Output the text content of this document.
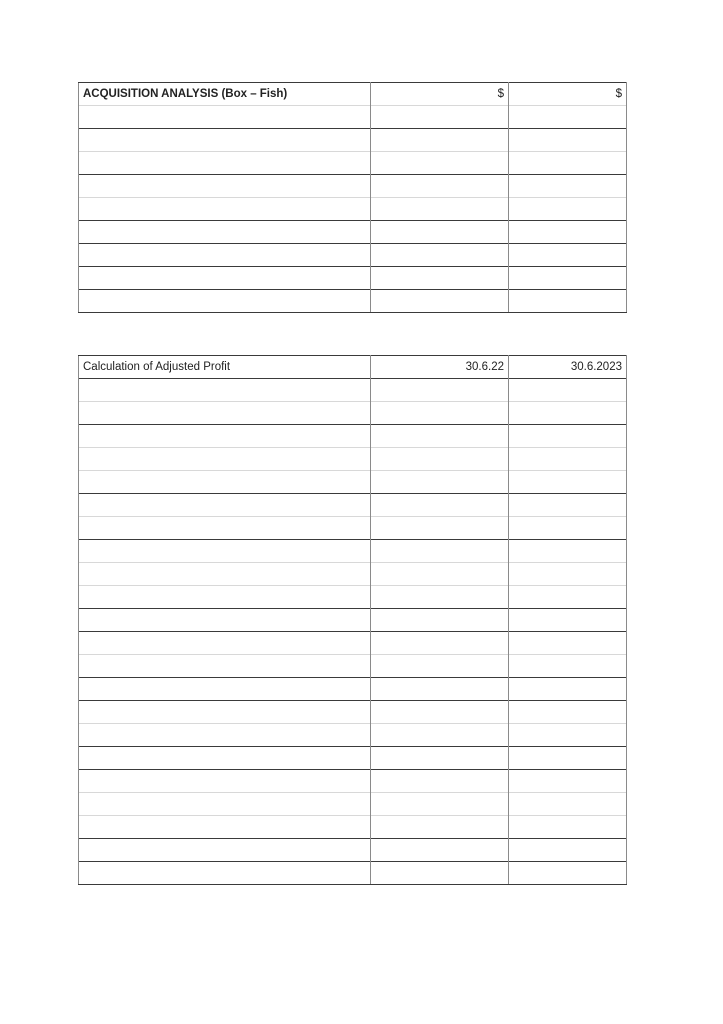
ACQUISITION ANALYSIS (Box – Fish)	$	$

Calculation of Adjusted Profit	30.6.22	30.6.2023
